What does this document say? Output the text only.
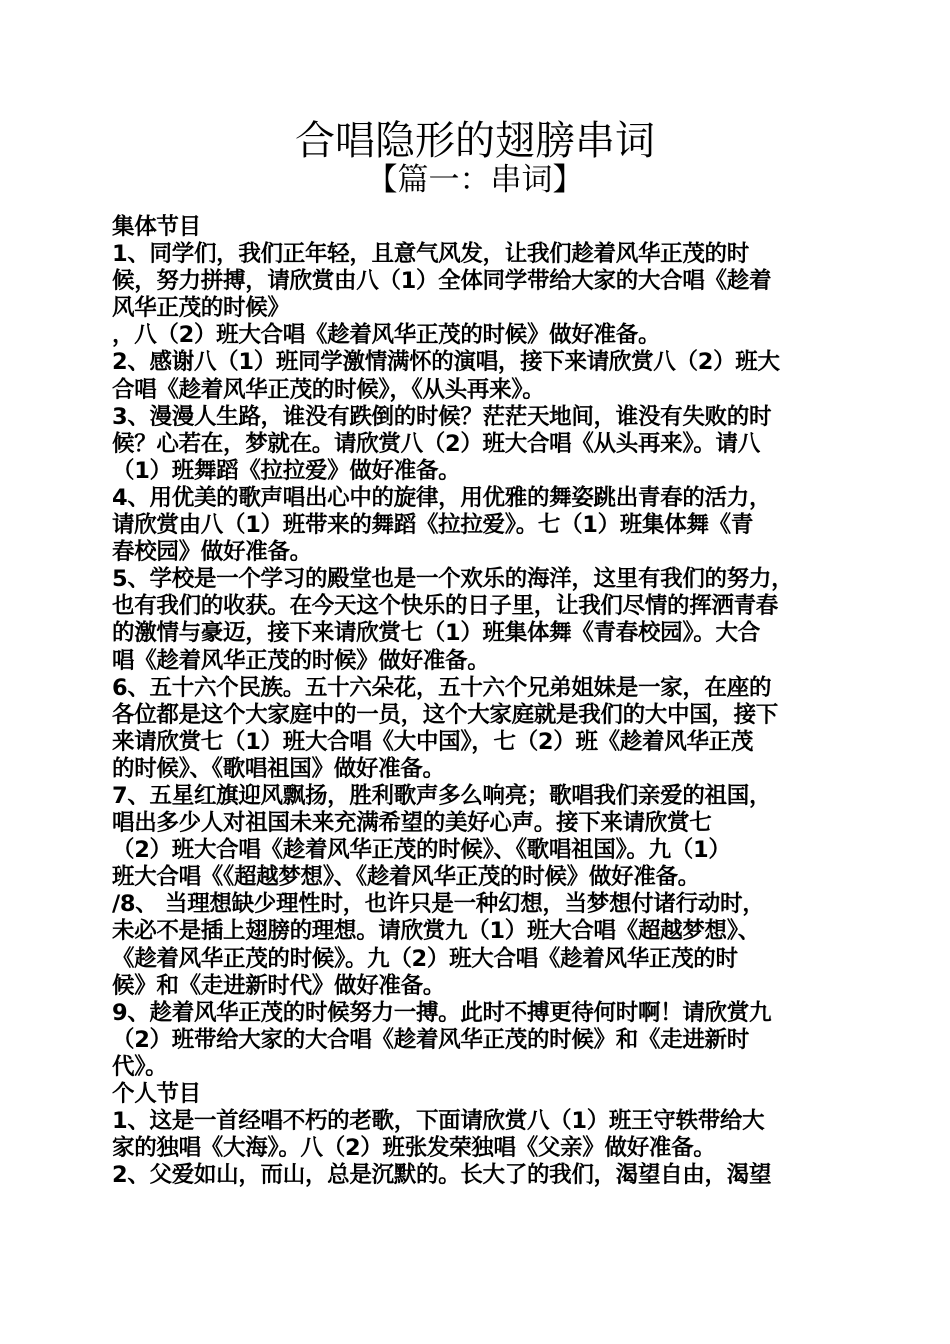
合唱隐形的翅膀串词
【篇一：串词】
集体节目
1、同学们，我们正年轻，且意气风发，让我们趁着风华正茂的时
候，努力拼搏，请欣赏由八（1）全体同学带给大家的大合唱《趁着
风华正茂的时候》
，八（2）班大合唱《趁着风华正茂的时候》做好准备。
2、感谢八（1）班同学激情满怀的演唱，接下来请欣赏八（2）班大
合唱《趁着风华正茂的时候》，《从头再来》。
3、漫漫人生路，谁没有跌倒的时候？茫茫天地间，谁没有失败的时
候？心若在，梦就在。请欣赏八（2）班大合唱《从头再来》。请八
（1）班舞蹈《拉拉爱》做好准备。
4、用优美的歌声唱出心中的旋律，用优雅的舞姿跳出青春的活力，
请欣赏由八（1）班带来的舞蹈《拉拉爱》。七（1）班集体舞《青
春校园》做好准备。
5、学校是一个学习的殿堂也是一个欢乐的海洋，这里有我们的努力，
也有我们的收获。在今天这个快乐的日子里，让我们尽情的挥洒青春
的激情与豪迈，接下来请欣赏七（1）班集体舞《青春校园》。大合
唱《趁着风华正茂的时候》做好准备。
6、五十六个民族。五十六朵花，五十六个兄弟姐妹是一家，在座的
各位都是这个大家庭中的一员，这个大家庭就是我们的大中国，接下
来请欣赏七（1）班大合唱《大中国》，七（2）班《趁着风华正茂
的时候》、《歌唱祖国》做好准备。
7、五星红旗迎风飘扬，胜利歌声多么响亮；歌唱我们亲爱的祖国，
唱出多少人对祖国未来充满希望的美好心声。接下来请欣赏七
（2）班大合唱《趁着风华正茂的时候》、《歌唱祖国》。九（1）
班大合唱《《超越梦想》、《趁着风华正茂的时候》做好准备。
/8、 当理想缺少理性时，也许只是一种幻想，当梦想付诸行动时，
未必不是插上翅膀的理想。请欣赏九（1）班大合唱《超越梦想》、
《趁着风华正茂的时候》。九（2）班大合唱《趁着风华正茂的时
候》和《走进新时代》做好准备。
9、趁着风华正茂的时候努力一搏。此时不搏更待何时啊！请欣赏九
（2）班带给大家的大合唱《趁着风华正茂的时候》和《走进新时
代》。
个人节目
1、这是一首经唱不朽的老歌，下面请欣赏八（1）班王守轶带给大
家的独唱《大海》。八（2）班张发荣独唱《父亲》做好准备。
2、父爱如山，而山，总是沉默的。长大了的我们，渴望自由，渴望
